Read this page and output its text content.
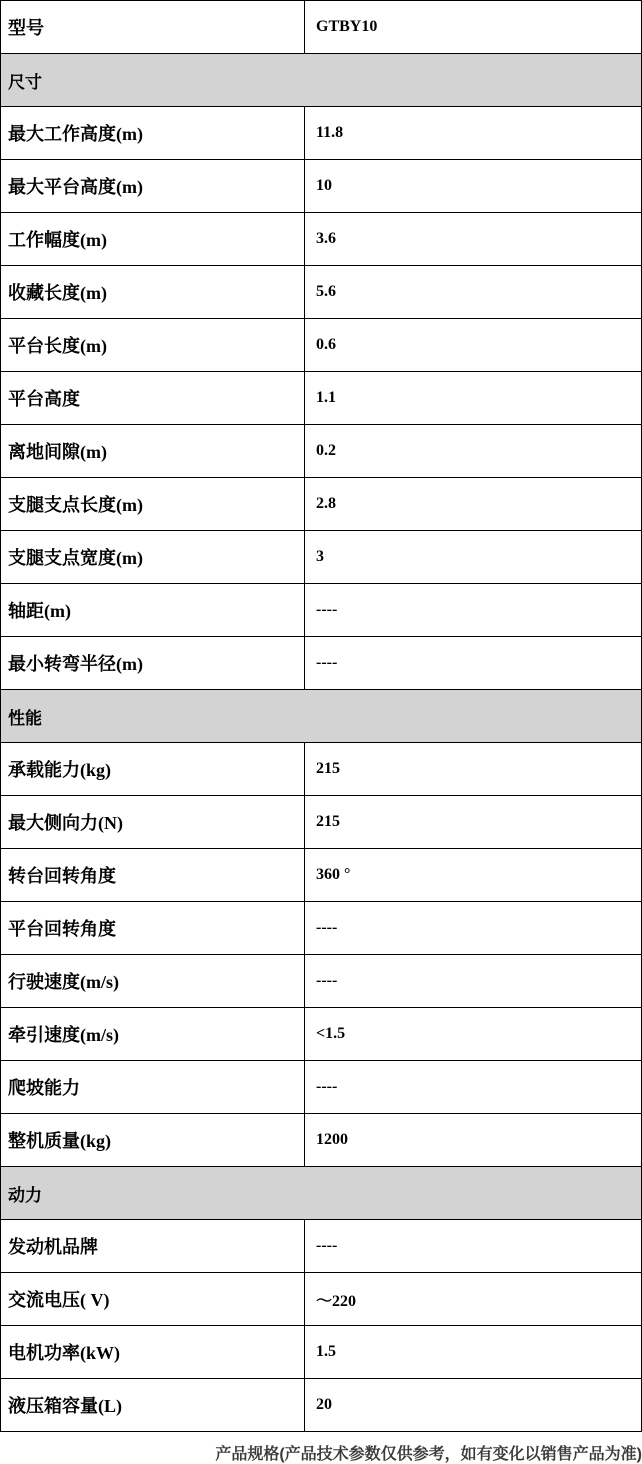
型号	GTBY10
尺寸	
最大工作高度(m)	11.8
最大平台高度(m)	10
工作幅度(m)	3.6
收藏长度(m)	5.6
平台长度(m)	0.6
平台高度	1.1
离地间隙(m)	0.2
支腿支点长度(m)	2.8
支腿支点宽度(m)	3
轴距(m)	----
最小转弯半径(m)	----
性能	
承载能力(kg)	215
最大侧向力(N)	215
转台回转角度	360 °
平台回转角度	----
行驶速度(m/s)	----
牵引速度(m/s)	<1.5
爬坡能力	----
整机质量(kg)	1200
动力	
发动机品牌	----
交流电压( V)	～220
电机功率(kW)	1.5
液压箱容量(L)	20
产品规格(产品技术参数仅供参考，如有变化以销售产品为准)
